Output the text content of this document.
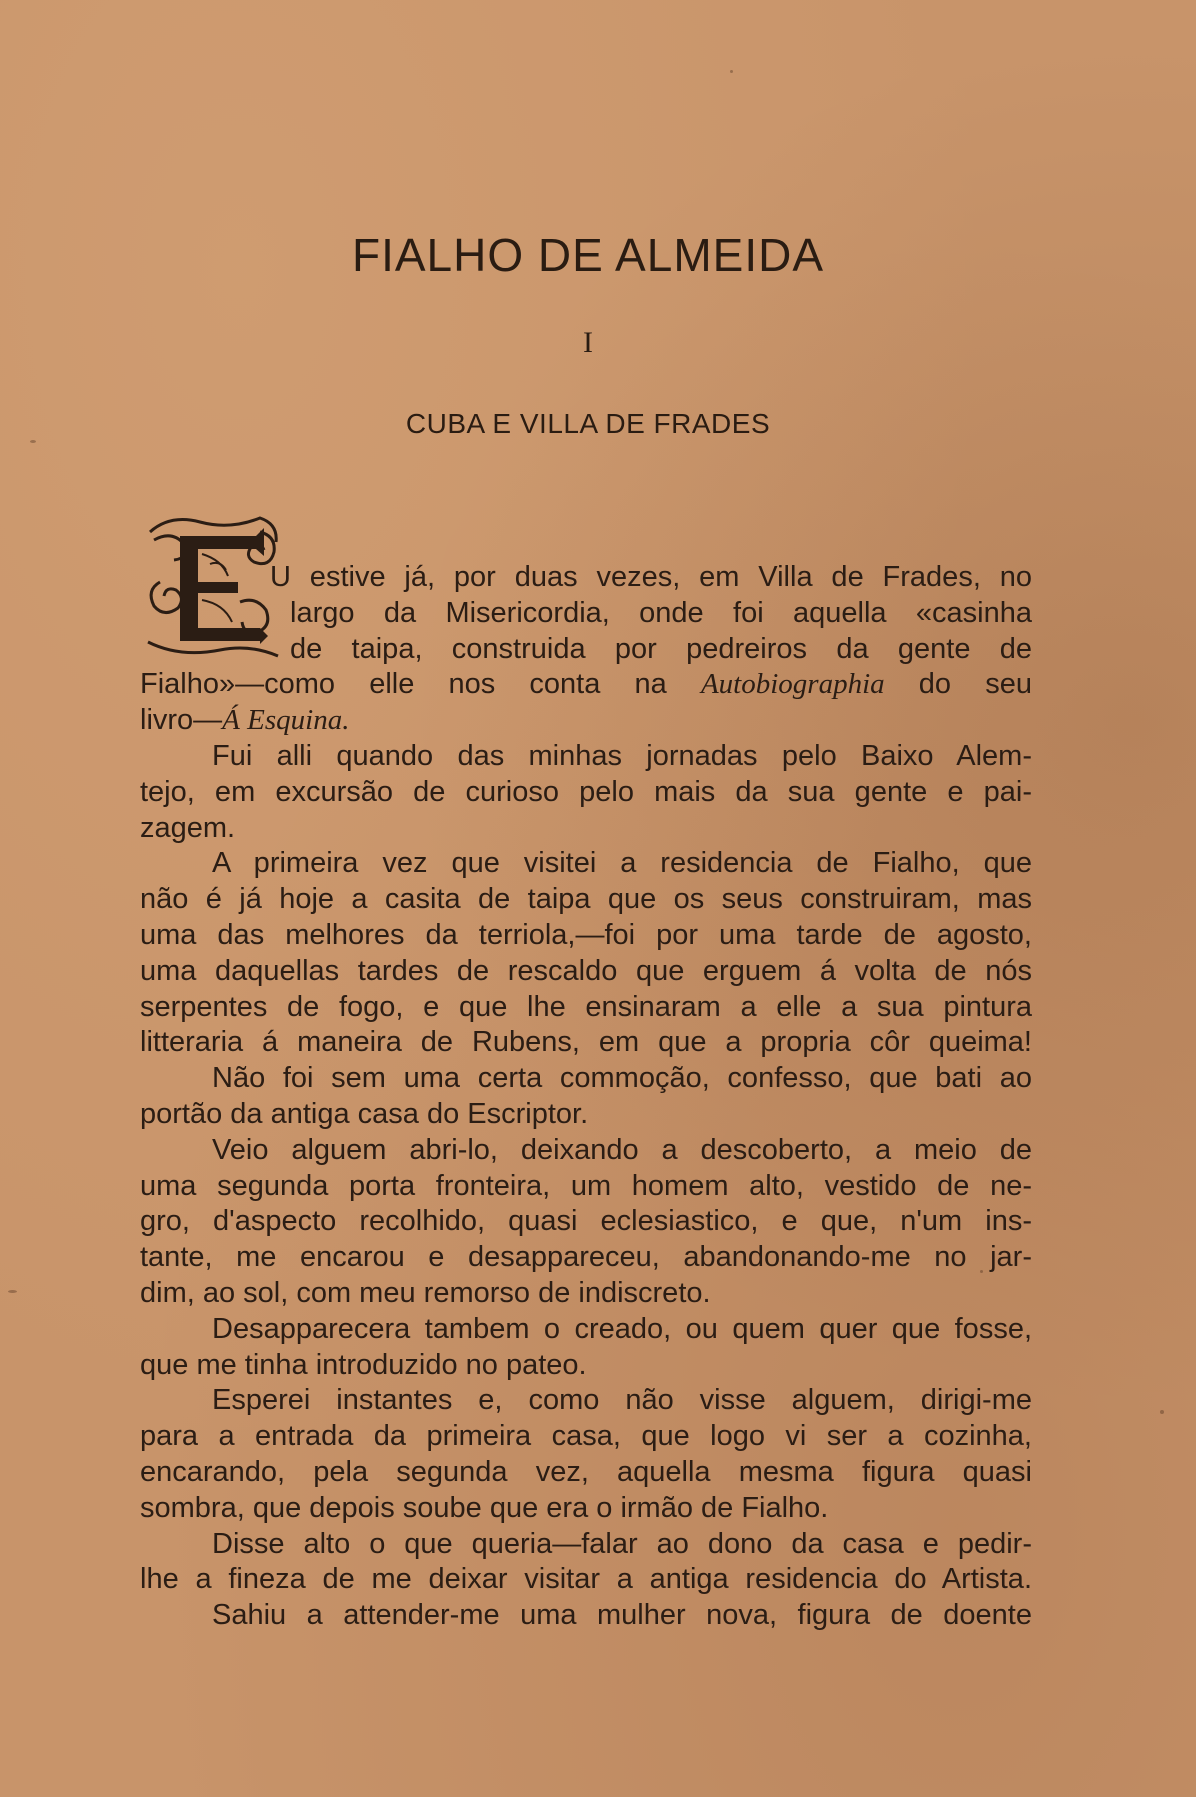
FIALHO DE ALMEIDA
I
CUBA E VILLA DE FRADES
U estive já, por duas vezes, em Villa de Frades, no
largo da Misericordia, onde foi aquella «casinha
de taipa, construida por pedreiros da gente de
Fialho»—como elle nos conta na Autobiographia do seu
livro—Á Esquina.
Fui alli quando das minhas jornadas pelo Baixo Alem-
tejo, em excursão de curioso pelo mais da sua gente e pai-
zagem.
A primeira vez que visitei a residencia de Fialho, que
não é já hoje a casita de taipa que os seus construiram, mas
uma das melhores da terriola,—foi por uma tarde de agosto,
uma daquellas tardes de rescaldo que erguem á volta de nós
serpentes de fogo, e que lhe ensinaram a elle a sua pintura
litteraria á maneira de Rubens, em que a propria côr queima!
Não foi sem uma certa commoção, confesso, que bati ao
portão da antiga casa do Escriptor.
Veio alguem abri-lo, deixando a descoberto, a meio de
uma segunda porta fronteira, um homem alto, vestido de ne-
gro, d'aspecto recolhido, quasi eclesiastico, e que, n'um ins-
tante, me encarou e desappareceu, abandonando-me no jar-
dim, ao sol, com meu remorso de indiscreto.
Desapparecera tambem o creado, ou quem quer que fosse,
que me tinha introduzido no pateo.
Esperei instantes e, como não visse alguem, dirigi-me
para a entrada da primeira casa, que logo vi ser a cozinha,
encarando, pela segunda vez, aquella mesma figura quasi
sombra, que depois soube que era o irmão de Fialho.
Disse alto o que queria—falar ao dono da casa e pedir-
lhe a fineza de me deixar visitar a antiga residencia do Artista.
Sahiu a attender-me uma mulher nova, figura de doente
